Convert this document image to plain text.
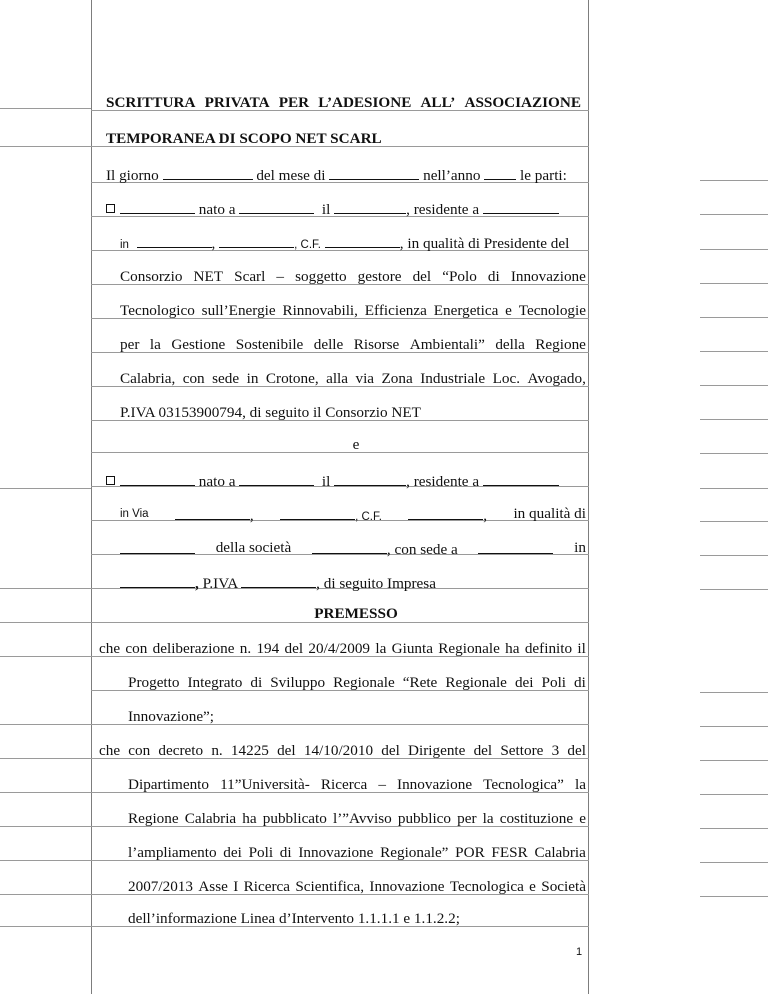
SCRITTURA PRIVATA PER L’ADESIONE ALL’ ASSOCIAZIONE
TEMPORANEA DI SCOPO NET SCARL
Il giorno	del mese di	nell’anno	le parti:
nato a	il	, residente a
in	,	, C.F.	, in qualità di Presidente del
Consorzio NET Scarl – soggetto gestore del “Polo di Innovazione
Tecnologico sull’Energie Rinnovabili, Efficienza Energetica e Tecnologie
per la Gestione Sostenibile delle Risorse Ambientali” della Regione
Calabria, con sede in Crotone, alla via Zona Industriale Loc. Avogado,
P.IVA 03153900794, di seguito il Consorzio NET
e
nato a	il	, residente a
in Via	,	, C.F.	, in qualità di
della società	, con sede a	in
, P.IVA	, di seguito Impresa
PREMESSO
che con deliberazione n. 194 del 20/4/2009 la Giunta Regionale ha definito il
Progetto Integrato di Sviluppo Regionale “Rete Regionale dei Poli di
Innovazione”;
che con decreto n. 14225 del 14/10/2010 del Dirigente del Settore 3 del
Dipartimento 11”Università- Ricerca – Innovazione Tecnologica” la
Regione Calabria ha pubblicato l’”Avviso pubblico per la costituzione e
l’ampliamento dei Poli di Innovazione Regionale” POR FESR Calabria
2007/2013 Asse I Ricerca Scientifica, Innovazione Tecnologica e Società
dell’informazione Linea d’Intervento 1.1.1.1 e 1.1.2.2;
1
